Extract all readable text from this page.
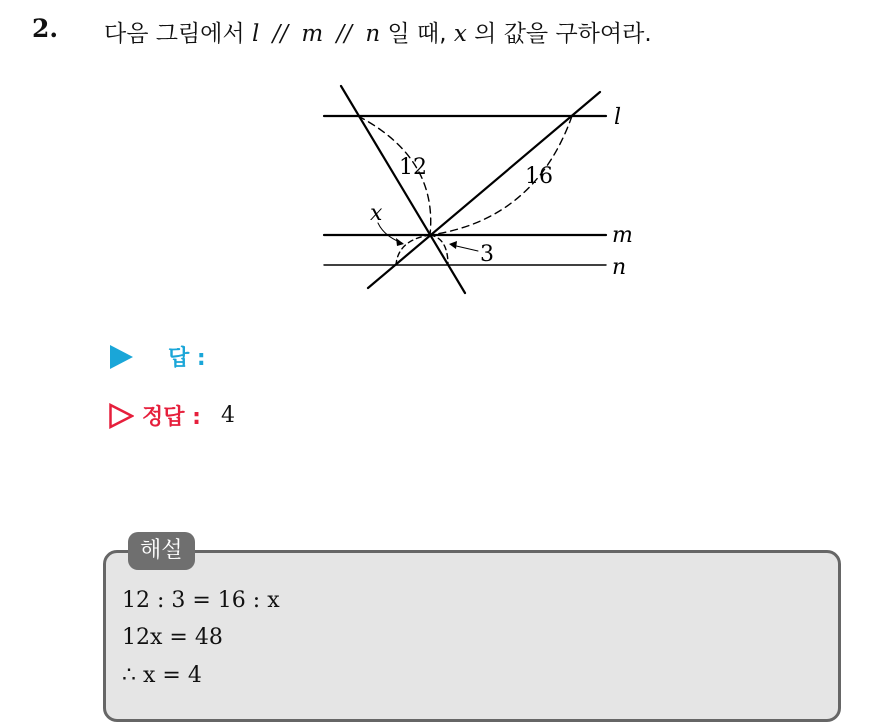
2. 다음 그림에서 l // m // n 일 때, x 의 값을 구하여라.
l
m
n
12	16
x
3
답 :
정답 : 4
해설
12 : 3 = 16 : x
12x = 48
∴ x = 4
